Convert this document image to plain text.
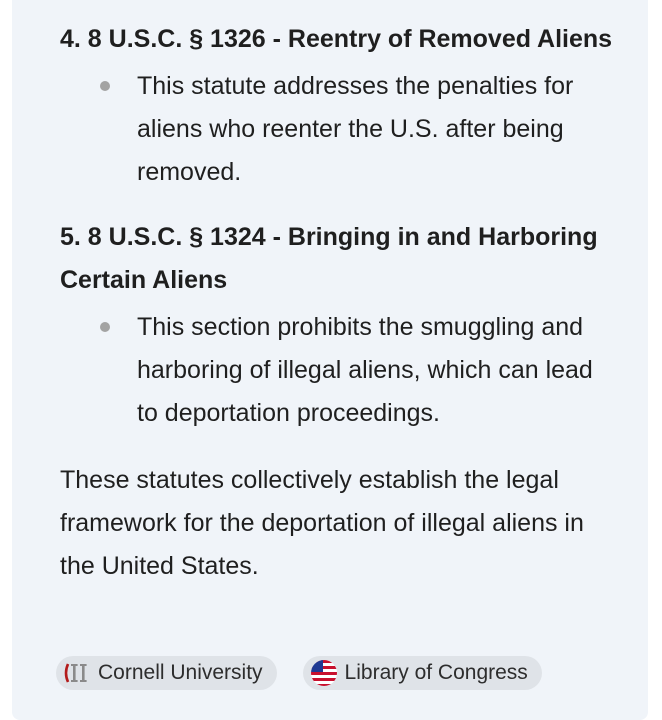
4. 8 U.S.C. § 1326 - Reentry of Removed Aliens

This statute addresses the penalties for aliens who reenter the U.S. after being removed.

5. 8 U.S.C. § 1324 - Bringing in and Harboring Certain Aliens

This section prohibits the smuggling and harboring of illegal aliens, which can lead to deportation proceedings.
These statutes collectively establish the legal framework for the deportation of illegal aliens in the United States.
Cornell University	Library of Congress
